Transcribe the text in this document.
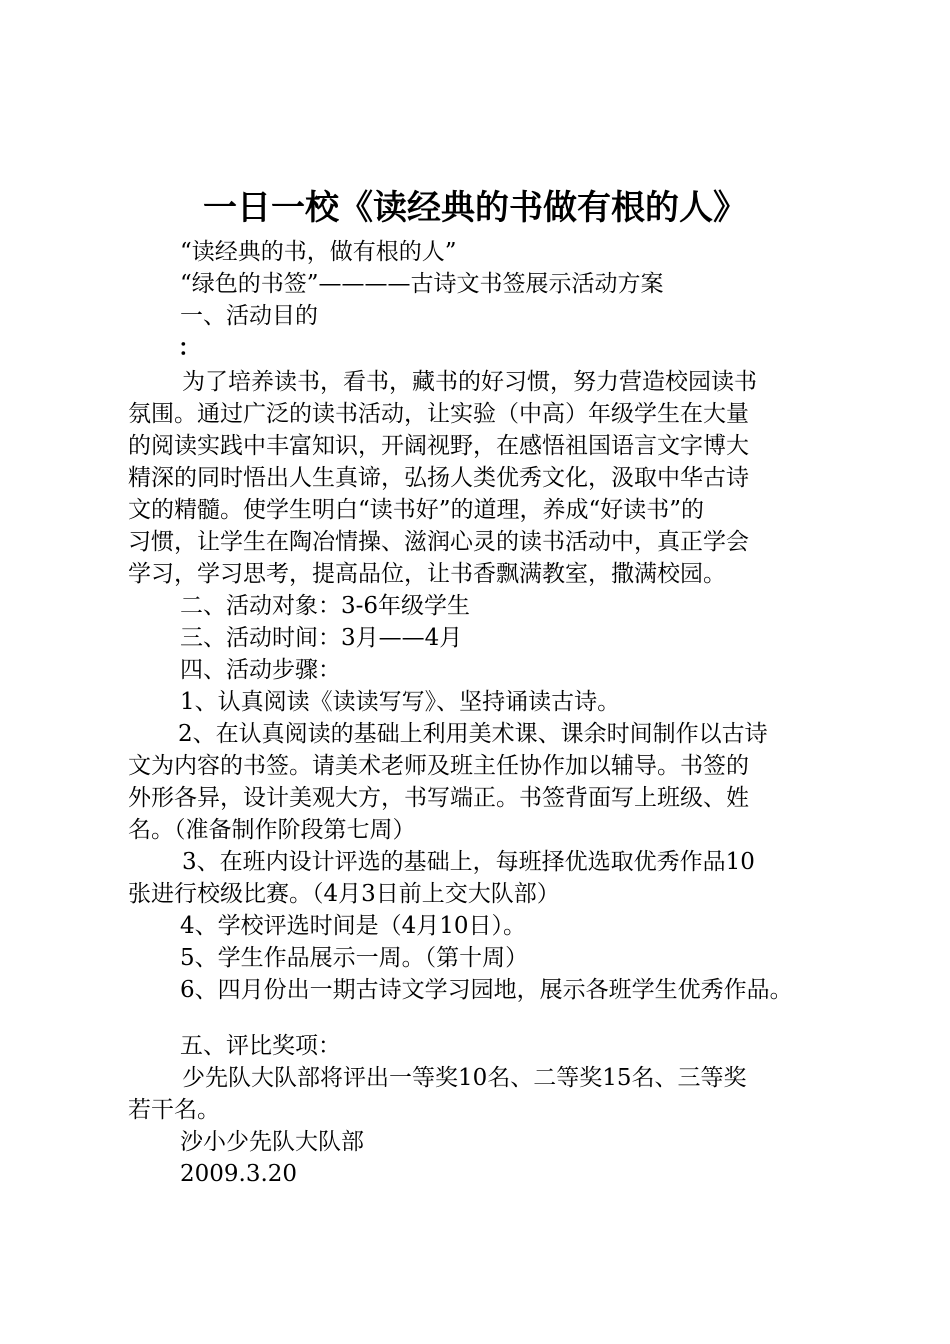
一日一校《读经典的书做有根的人》
“读经典的书，做有根的人”
“绿色的书签”————古诗文书签展示活动方案
一、活动目的
：
为了培养读书，看书，藏书的好习惯，努力营造校园读书
氛围。通过广泛的读书活动，让实验（中高）年级学生在大量
的阅读实践中丰富知识，开阔视野，在感悟祖国语言文字博大
精深的同时悟出人生真谛，弘扬人类优秀文化，汲取中华古诗
文的精髓。使学生明白“读书好”的道理，养成“好读书”的
习惯，让学生在陶冶情操、滋润心灵的读书活动中，真正学会
学习，学习思考，提高品位，让书香飘满教室，撒满校园。
二、活动对象：3-6年级学生
三、活动时间：3月——4月
四、活动步骤：
1、认真阅读《读读写写》、坚持诵读古诗。
2、在认真阅读的基础上利用美术课、课余时间制作以古诗
文为内容的书签。请美术老师及班主任协作加以辅导。书签的
外形各异，设计美观大方，书写端正。书签背面写上班级、姓
名。（准备制作阶段第七周）
3、在班内设计评选的基础上，每班择优选取优秀作品10
张进行校级比赛。（4月3日前上交大队部）
4、学校评选时间是（4月10日）。
5、学生作品展示一周。（第十周）
6、四月份出一期古诗文学习园地，展示各班学生优秀作品。
五、评比奖项：
少先队大队部将评出一等奖10名、二等奖15名、三等奖
若干名。
沙小少先队大队部
2009.3.20
